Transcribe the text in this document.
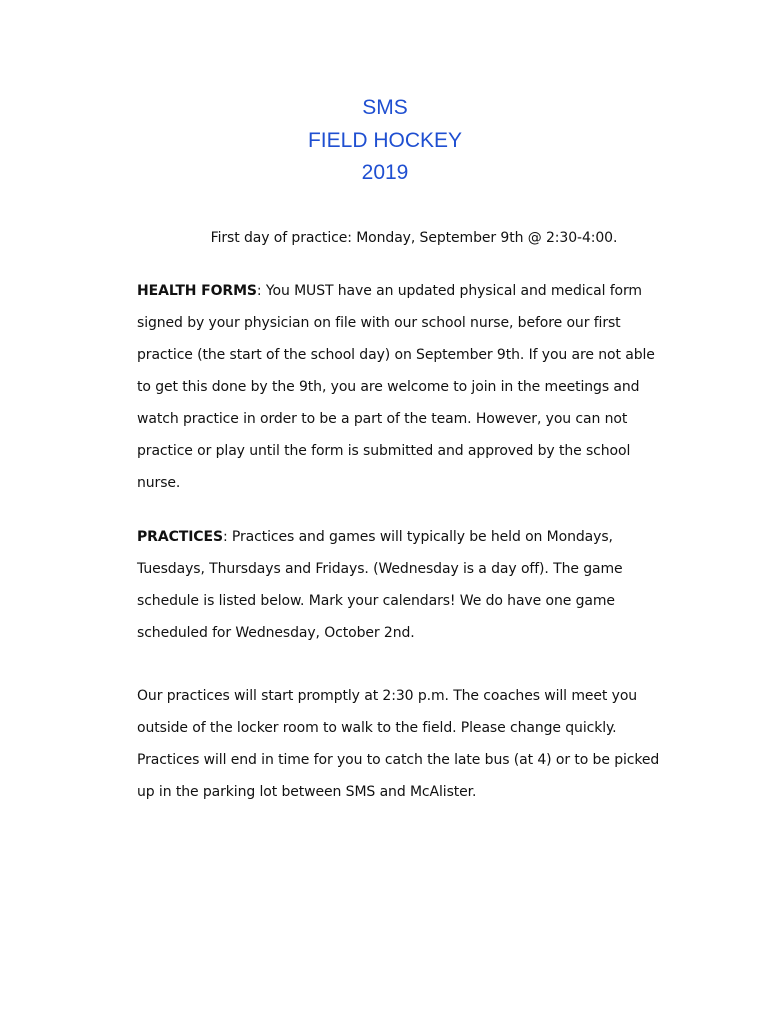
SMS
FIELD HOCKEY
2019
First day of practice: Monday, September 9th @ 2:30-4:00.

HEALTH FORMS: You MUST have an updated physical and medical form
signed by your physician on file with our school nurse, before our first
practice (the start of the school day) on September 9th. If you are not able
to get this done by the 9th, you are welcome to join in the meetings and
watch practice in order to be a part of the team. However, you can not
practice or play until the form is submitted and approved by the school
nurse.

PRACTICES: Practices and games will typically be held on Mondays,
Tuesdays, Thursdays and Fridays. (Wednesday is a day off). The game
schedule is listed below. Mark your calendars! We do have one game
scheduled for Wednesday, October 2nd.

Our practices will start promptly at 2:30 p.m. The coaches will meet you
outside of the locker room to walk to the field. Please change quickly.
Practices will end in time for you to catch the late bus (at 4) or to be picked
up in the parking lot between SMS and McAlister.
